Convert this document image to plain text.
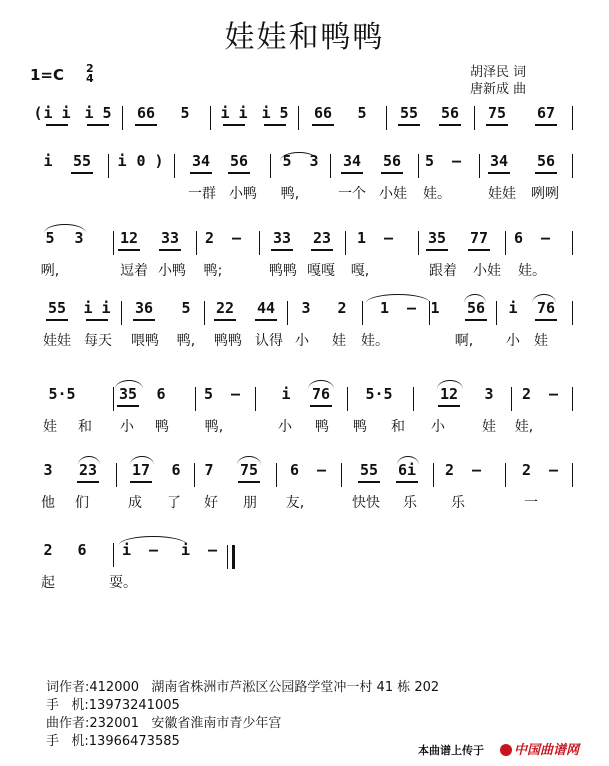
娃娃和鸭鸭
1=C 2
4	胡泽民 词
唐新成 曲
( i i i 5 66 5 i i i 5 66 5 55 56 75 67
i 55 i 0 ) 34 56 5 3 34 56 5  — 34 56
一群 小鸭 鸭,	一个 小娃 娃。	娃娃 咧咧
5 3 12 33 2  — 33 23 1  — 35 77 6  —
咧,	逗着 小鸭 鸭;	鸭鸭 嘎嘎 嘎,	跟着 小娃 娃。
55 i i 36 5 22 44 3 2 1  — 1 56 i 76
娃娃 每天 喂鸭 鸭, 鸭鸭 认得 小 娃 娃。	啊, 小 娃
5·5	35 6	5  —	i 76 5·5	12 3 2  —
娃 和 小 鸭	鸭,	小 鸭 鸭 和 小	娃 娃,
3 23 17 6 7 75 6  — 55 6i 2  —	2  —
他 们	成 了 好 朋 友,	快快 乐 乐	一
2 6 i  — i  —
起	耍。
词作者:412000   湖南省株洲市芦淞区公园路学堂冲一村 41 栋 202
手   机:13973241005
曲作者:232001   安徽省淮南市青少年宫
手   机:13966473585
本曲谱上传于	中国曲谱网
